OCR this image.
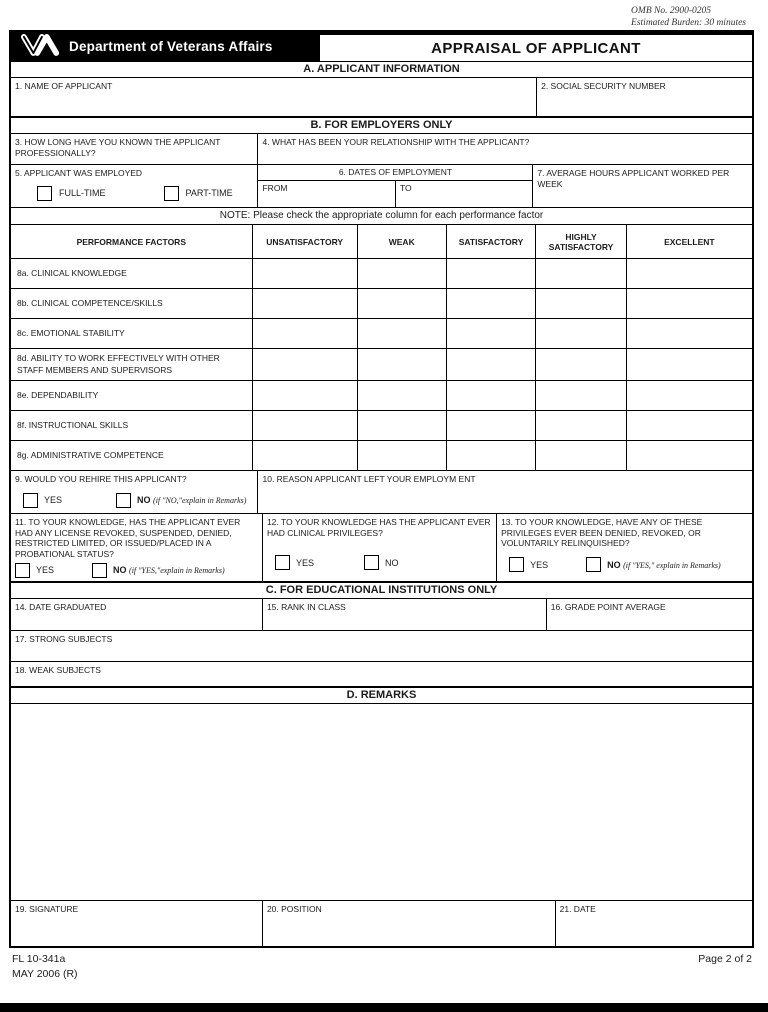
OMB No. 2900-0205
Estimated Burden: 30 minutes
Department of Veterans Affairs	APPRAISAL OF APPLICANT
A. APPLICANT INFORMATION
1. NAME OF APPLICANT	2. SOCIAL SECURITY NUMBER
B. FOR EMPLOYERS ONLY
3. HOW LONG HAVE YOU KNOWN THE APPLICANT PROFESSIONALLY?
4. WHAT HAS BEEN YOUR RELATIONSHIP WITH THE APPLICANT?
5. APPLICANT WAS EMPLOYED
FULL-TIME	PART-TIME
6. DATES OF EMPLOYMENT
FROM	TO
7. AVERAGE HOURS APPLICANT WORKED PER WEEK
NOTE: Please check the appropriate column for each performance factor
PERFORMANCE FACTORS	UNSATISFACTORY	WEAK	SATISFACTORY	HIGHLY SATISFACTORY	EXCELLENT
8a. CLINICAL KNOWLEDGE
8b. CLINICAL COMPETENCE/SKILLS
8c. EMOTIONAL STABILITY
8d. ABILITY TO WORK EFFECTIVELY WITH OTHER STAFF MEMBERS AND SUPERVISORS
8e. DEPENDABILITY
8f. INSTRUCTIONAL SKILLS
8g. ADMINISTRATIVE COMPETENCE
9. WOULD YOU REHIRE THIS APPLICANT?
YES	NO (if "NO,"explain in Remarks)
10. REASON APPLICANT LEFT YOUR EMPLOYM ENT
11. TO YOUR KNOWLEDGE, HAS THE APPLICANT EVER HAD ANY LICENSE REVOKED, SUSPENDED, DENIED, RESTRICTED LIMITED, OR ISSUED/PLACED IN A PROBATIONAL STATUS?
YES	NO (if "YES,"explain in Remarks)
12. TO YOUR KNOWLEDGE HAS THE APPLICANT EVER HAD CLINICAL PRIVILEGES?
YES	NO
13. TO YOUR KNOWLEDGE, HAVE ANY OF THESE PRIVILEGES EVER BEEN DENIED, REVOKED, OR VOLUNTARILY RELINQUISHED?
YES	NO (if "YES," explain in Remarks)
C. FOR EDUCATIONAL INSTITUTIONS ONLY
14. DATE GRADUATED	15. RANK IN CLASS	16. GRADE POINT AVERAGE
17. STRONG SUBJECTS
18. WEAK SUBJECTS
D. REMARKS
19. SIGNATURE	20. POSITION	21. DATE
FL 10-341a
MAY 2006 (R)
Page 2 of 2
